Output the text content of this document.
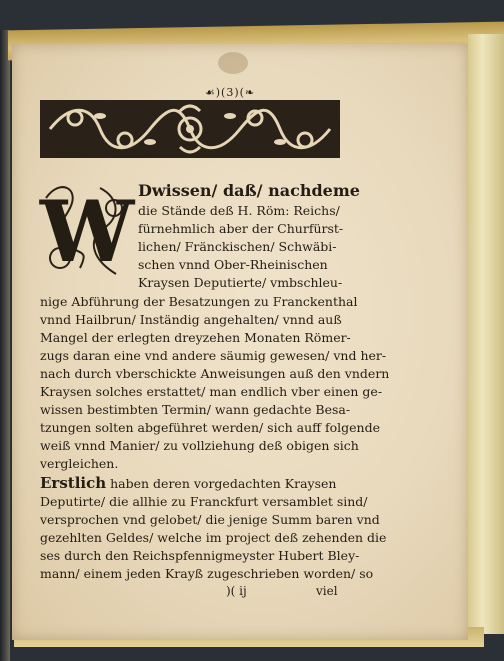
☙)(3)(❧
W Dwissen/ daß/ nachdeme
die Stände deß H. Röm: Reichs/
fürnehmlich aber der Churfürst-
lichen/ Fränckischen/ Schwäbi-
schen vnnd Ober-Rheinischen
Kraysen Deputierte/ vmbschleu-
nige Abführung der Besatzungen zu Franckenthal
vnnd Hailbrun/ Inständig angehalten/ vnnd auß
Mangel der erlegten dreyzehen Monaten Römer-
zugs daran eine vnd andere säumig gewesen/ vnd her-
nach durch vberschickte Anweisungen auß den vndern
Kraysen solches erstattet/ man endlich vber einen ge-
wissen bestimbten Termin/ wann gedachte Besa-
tzungen solten abgeführet werden/ sich auff folgende
weiß vnnd Manier/ zu vollziehung deß obigen sich
vergleichen.
Erstlich haben deren vorgedachten Kraysen
Deputirte/ die allhie zu Franckfurt versamblet sind/
versprochen vnd gelobet/ die jenige Summ baren vnd
gezehlten Geldes/ welche im project deß zehenden die
ses durch den Reichspfennigmeyster Hubert Bley-
mann/ einem jeden Krayß zugeschrieben worden/ so
)( ij	viel
